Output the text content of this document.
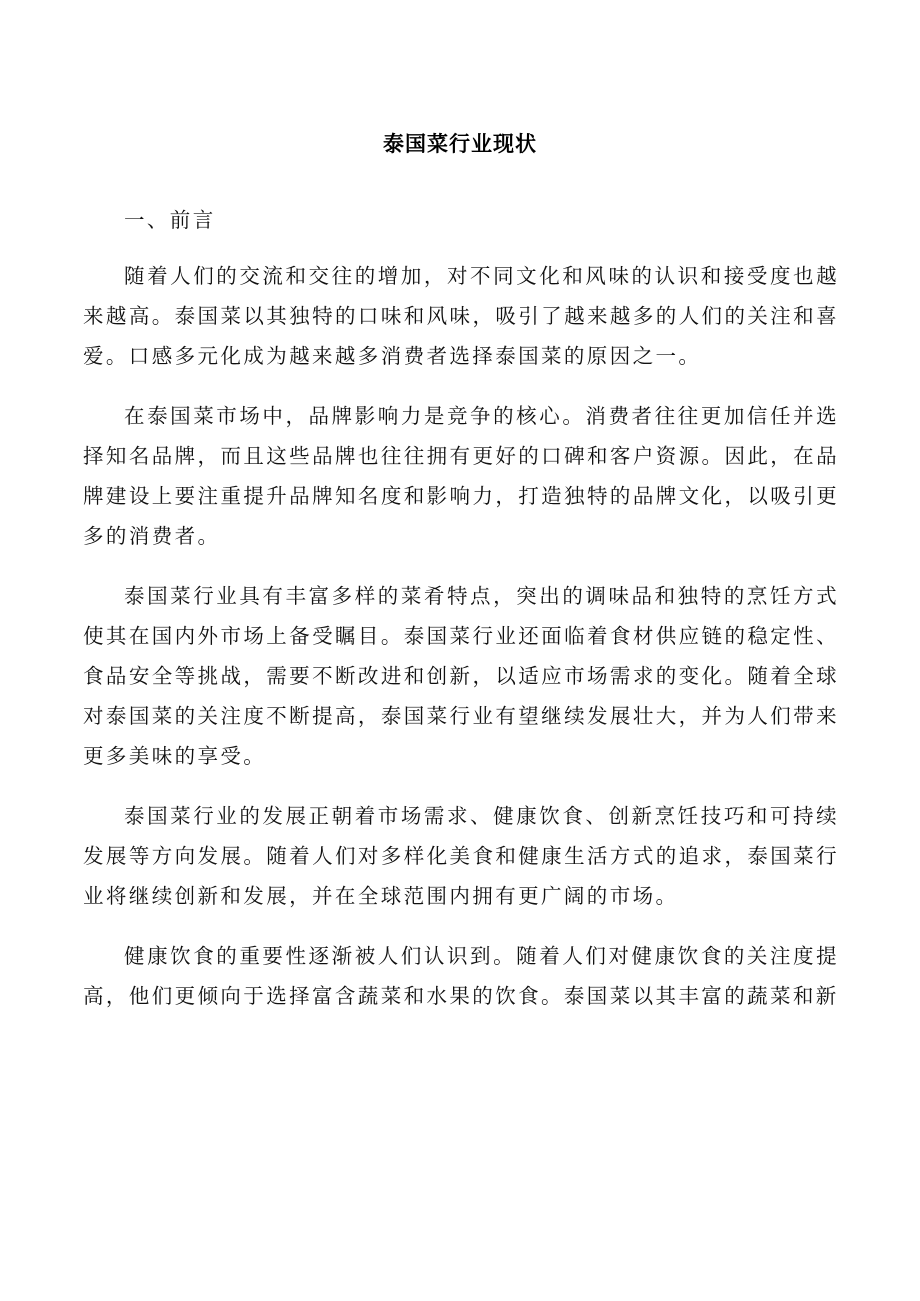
泰国菜行业现状

一、前言

随着人们的交流和交往的增加，对不同文化和风味的认识和接受度也越来越高。泰国菜以其独特的口味和风味，吸引了越来越多的人们的关注和喜爱。口感多元化成为越来越多消费者选择泰国菜的原因之一。

在泰国菜市场中，品牌影响力是竞争的核心。消费者往往更加信任并选择知名品牌，而且这些品牌也往往拥有更好的口碑和客户资源。因此，在品牌建设上要注重提升品牌知名度和影响力，打造独特的品牌文化，以吸引更多的消费者。

泰国菜行业具有丰富多样的菜肴特点，突出的调味品和独特的烹饪方式使其在国内外市场上备受瞩目。泰国菜行业还面临着食材供应链的稳定性、食品安全等挑战，需要不断改进和创新，以适应市场需求的变化。随着全球对泰国菜的关注度不断提高，泰国菜行业有望继续发展壮大，并为人们带来更多美味的享受。

泰国菜行业的发展正朝着市场需求、健康饮食、创新烹饪技巧和可持续发展等方向发展。随着人们对多样化美食和健康生活方式的追求，泰国菜行业将继续创新和发展，并在全球范围内拥有更广阔的市场。

健康饮食的重要性逐渐被人们认识到。随着人们对健康饮食的关注度提高，他们更倾向于选择富含蔬菜和水果的饮食。泰国菜以其丰富的蔬菜和新
